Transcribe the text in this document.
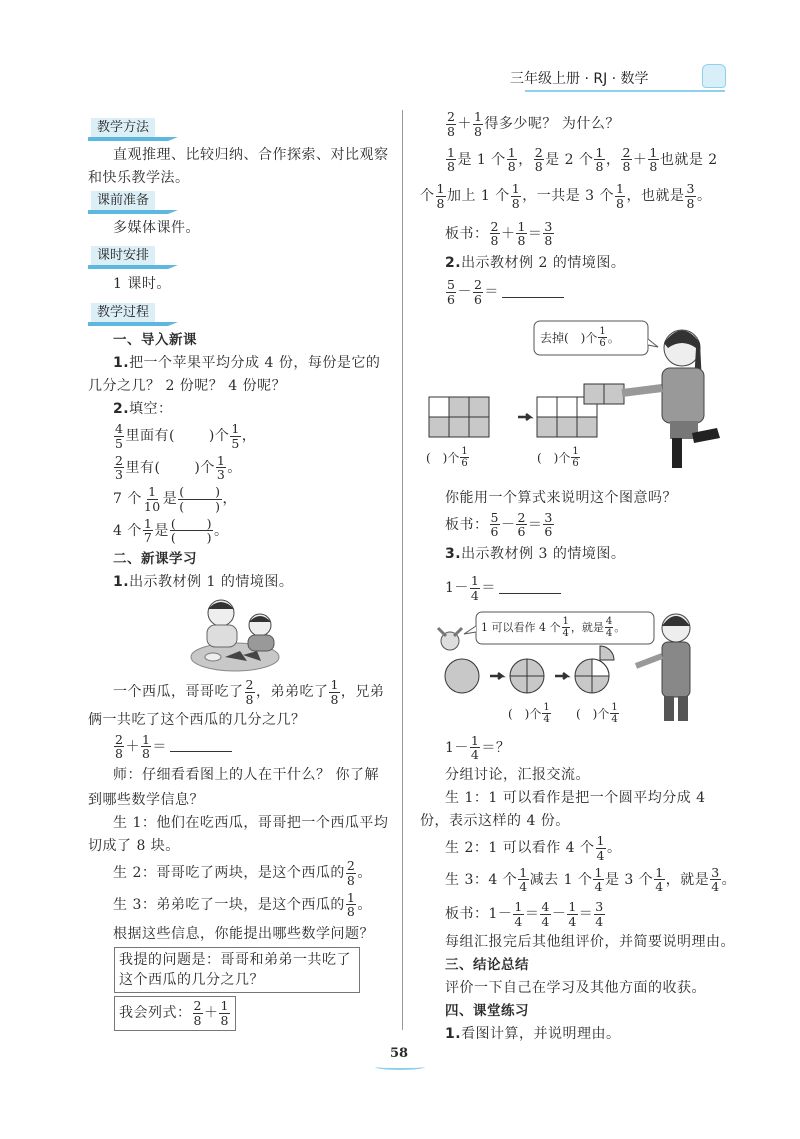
三年级上册 · RJ · 数学
教学方法
直观推理、比较归纳、合作探索、对比观察
和快乐教学法。
课前准备
多媒体课件。
课时安排
1 课时。
教学过程
一、导入新课
1. 把一个苹果平均分成 4 份，每份是它的
几分之几？ 2 份呢？ 4 份呢？
2. 填空：
$\frac{4}{5}$ 里面有(　　 )个 $\frac{1}{5}$ ，
$\frac{2}{3}$ 里有(　　 )个 $\frac{1}{3}$ 。
7 个 $\frac{1}{10}$ 是 $\frac{( )}{( )}$ ，
4 个 $\frac{1}{7}$ 是 $\frac{( )}{( )}$ 。
二、新课学习
1. 出示教材例 1 的情境图。
一个西瓜，哥哥吃了 $\frac{2}{8}$ ，弟弟吃了 $\frac{1}{8}$ ，兄弟
俩一共吃了这个西瓜的几分之几？
$\frac{2}{8} + \frac{1}{8}$ ＝
师：仔细看看图上的人在干什么？ 你了解
到哪些数学信息？
生 1：他们在吃西瓜，哥哥把一个西瓜平均
切成了 8 块。
生 2：哥哥吃了两块，是这个西瓜的 $\frac{2}{8}$ 。
生 3：弟弟吃了一块，是这个西瓜的 $\frac{1}{8}$ 。
根据这些信息，你能提出哪些数学问题？
我提的问题是：哥哥和弟弟一共吃了
这个西瓜的几分之几？
我会列式： $\frac{2}{8} + \frac{1}{8}$
$\frac{2}{8} + \frac{1}{8}$ 得多少呢？ 为什么？
$\frac{1}{8}$ 是 1 个 $\frac{1}{8}$ ， $\frac{2}{8}$ 是 2 个 $\frac{1}{8}$ ， $\frac{2}{8} + \frac{1}{8}$ 也就是 2
个 $\frac{1}{8}$ 加上 1 个 $\frac{1}{8}$ ，一共是 3 个 $\frac{1}{8}$ ，也就是 $\frac{3}{8}$ 。
板书： $\frac{2}{8} + \frac{1}{8} = \frac{3}{8}$
2. 出示教材例 2 的情境图。
$\frac{5}{6} - \frac{2}{6}$ ＝
去掉(　)个 $\frac{1}{6}$ 。
(　)个 $\frac{1}{6}$	(　)个 $\frac{1}{6}$
你能用一个算式来说明这个图意吗？
板书： $\frac{5}{6} - \frac{2}{6} = \frac{3}{6}$
3. 出示教材例 3 的情境图。
$1- \frac{1}{4}$ ＝
1 可以看作 4 个 $\frac{1}{4}$ ，就是 $\frac{4}{4}$ 。
(　)个 $\frac{1}{4}$ (　)个 $\frac{1}{4}$
$1- \frac{1}{4}$ ＝？
分组讨论，汇报交流。
生 1：1 可以看作是把一个圆平均分成 4
份，表示这样的 4 份。
生 2：1 可以看作 4 个 $\frac{1}{4}$ 。
生 3：4 个 $\frac{1}{4}$ 减去 1 个 $\frac{1}{4}$ 是 3 个 $\frac{1}{4}$ ，就是 $\frac{3}{4}$ 。
板书：$1- \frac{1}{4} = \frac{4}{4} - \frac{1}{4} = \frac{3}{4}$
每组汇报完后其他组评价，并简要说明理由。
三、结论总结
评价一下自己在学习及其他方面的收获。
四、课堂练习
1. 看图计算，并说明理由。
58
